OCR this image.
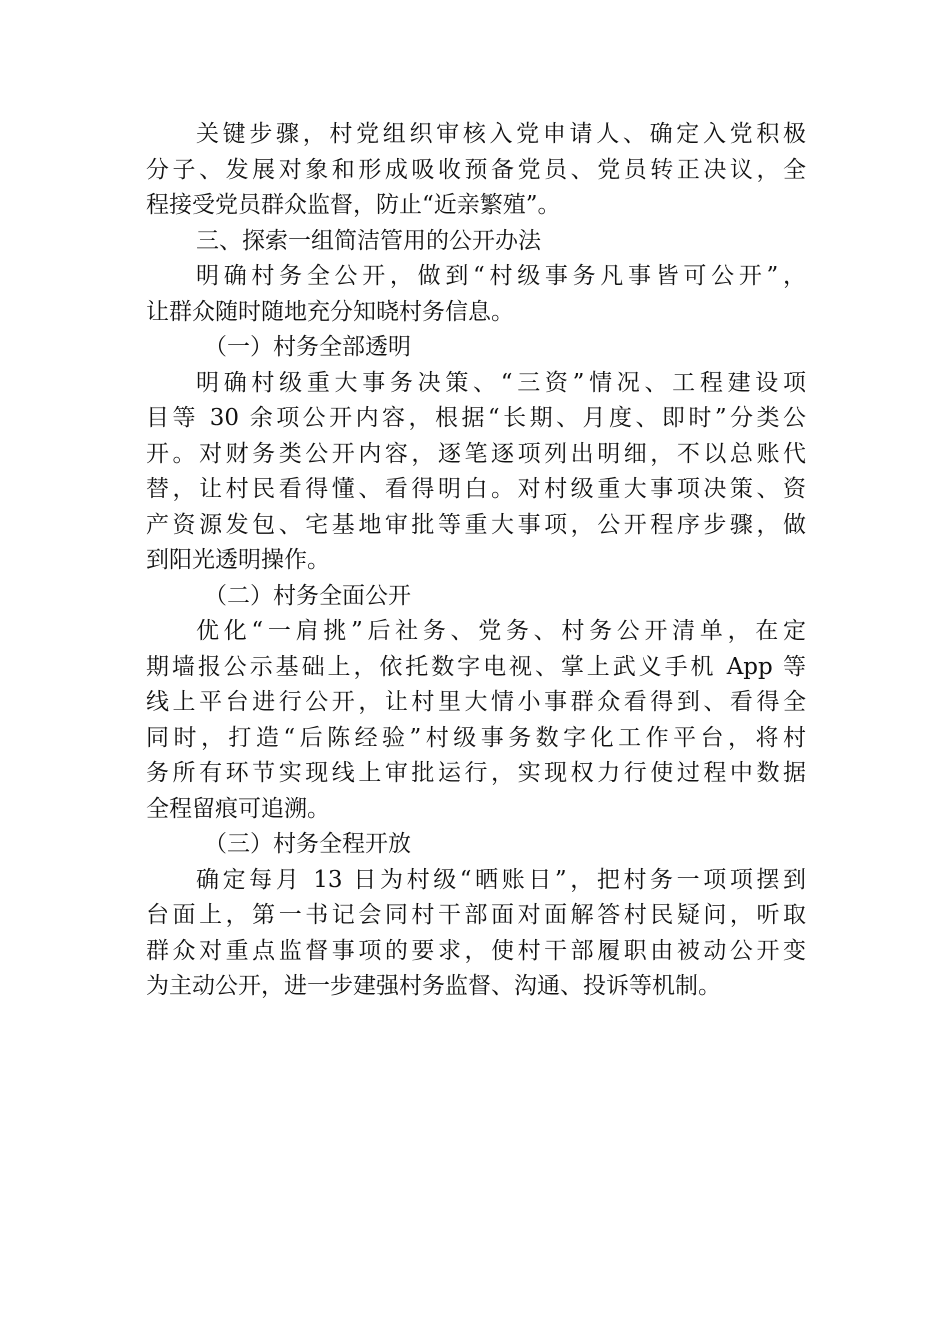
关键步骤，村党组织审核入党申请人、确定入党积极
分子、发展对象和形成吸收预备党员、党员转正决议，全
程接受党员群众监督，防止“近亲繁殖”。
三、探索一组简洁管用的公开办法
明确村务全公开，做到“村级事务凡事皆可公开”，
让群众随时随地充分知晓村务信息。
（一）村务全部透明
明确村级重大事务决策、“三资”情况、工程建设项
目等 30 余项公开内容，根据“长期、月度、即时”分类公
开。对财务类公开内容，逐笔逐项列出明细，不以总账代
替，让村民看得懂、看得明白。对村级重大事项决策、资
产资源发包、宅基地审批等重大事项，公开程序步骤，做
到阳光透明操作。
（二）村务全面公开
优化“一肩挑”后社务、党务、村务公开清单，在定
期墙报公示基础上，依托数字电视、掌上武义手机 App 等
线上平台进行公开，让村里大情小事群众看得到、看得全
同时，打造“后陈经验”村级事务数字化工作平台，将村
务所有环节实现线上审批运行，实现权力行使过程中数据
全程留痕可追溯。
（三）村务全程开放
确定每月 13 日为村级“晒账日”，把村务一项项摆到
台面上，第一书记会同村干部面对面解答村民疑问，听取
群众对重点监督事项的要求，使村干部履职由被动公开变
为主动公开，进一步建强村务监督、沟通、投诉等机制。
